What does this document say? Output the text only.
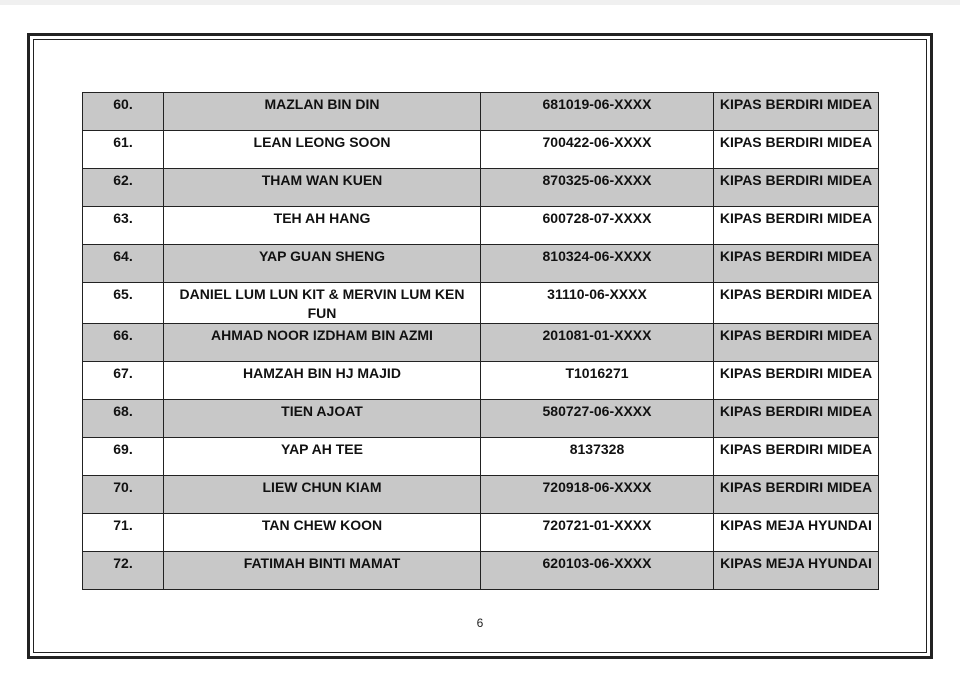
60.	MAZLAN BIN DIN	681019-06-XXXX	KIPAS BERDIRI MIDEA
61.	LEAN LEONG SOON	700422-06-XXXX	KIPAS BERDIRI MIDEA
62.	THAM WAN KUEN	870325-06-XXXX	KIPAS BERDIRI MIDEA
63.	TEH AH HANG	600728-07-XXXX	KIPAS BERDIRI MIDEA
64.	YAP GUAN SHENG	810324-06-XXXX	KIPAS BERDIRI MIDEA
65.	DANIEL LUM LUN KIT & MERVIN LUM KEN FUN	31110-06-XXXX	KIPAS BERDIRI MIDEA
66.	AHMAD NOOR IZDHAM BIN AZMI	201081-01-XXXX	KIPAS BERDIRI MIDEA
67.	HAMZAH BIN HJ MAJID	T1016271	KIPAS BERDIRI MIDEA
68.	TIEN AJOAT	580727-06-XXXX	KIPAS BERDIRI MIDEA
69.	YAP AH TEE	8137328	KIPAS BERDIRI MIDEA
70.	LIEW CHUN KIAM	720918-06-XXXX	KIPAS BERDIRI MIDEA
71.	TAN CHEW KOON	720721-01-XXXX	KIPAS MEJA HYUNDAI
72.	FATIMAH BINTI MAMAT	620103-06-XXXX	KIPAS MEJA HYUNDAI
6
